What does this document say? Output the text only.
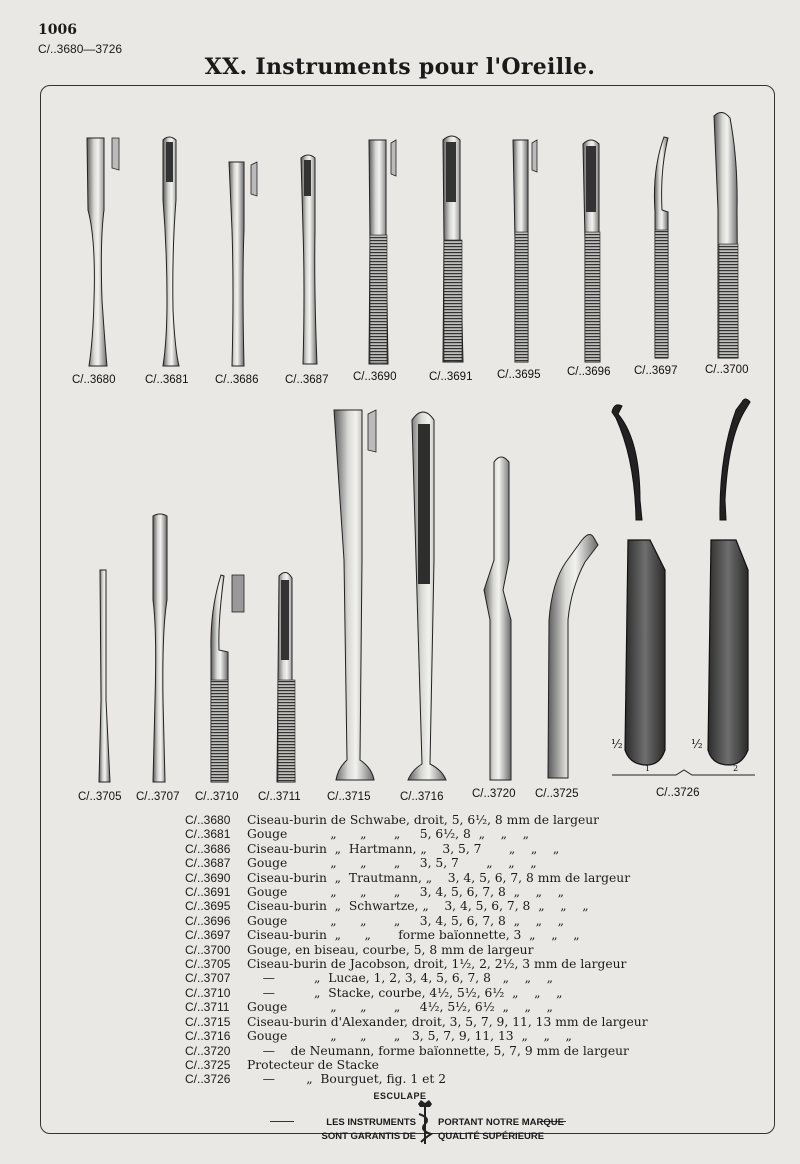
1006
C/..3680—3726
XX. Instruments pour l'Oreille.
C/..3680	C/..3681 C/..3686 C/..3687 C/..3690	C/..3691 C/..3695 C/..3696 C/..3697 C/..3700
C/..3705 C/..3707 C/..3710 C/..3711 C/..3715	C/..3716 C/..3720 C/..3725	C/..3726
½	½
1	2
C/..3680 Ciseau-burin de Schwabe, droit, 5, 6½, 8 mm de largeur
C/..3681 Gouge           „      „       „     5, 6½, 8  „    „    „
C/..3686 Ciseau-burin  „  Hartmann, „    3, 5, 7       „    „    „
C/..3687 Gouge           „      „       „     3, 5, 7       „    „    „
C/..3690 Ciseau-burin  „  Trautmann, „    3, 4, 5, 6, 7, 8 mm de largeur
C/..3691 Gouge           „      „       „     3, 4, 5, 6, 7, 8  „    „    „
C/..3695 Ciseau-burin  „  Schwartze, „    3, 4, 5, 6, 7, 8  „    „    „
C/..3696 Gouge           „      „       „     3, 4, 5, 6, 7, 8  „    „    „
C/..3697 Ciseau-burin  „      „       forme baïonnette, 3  „    „    „
C/..3700 Gouge, en biseau, courbe, 5, 8 mm de largeur
C/..3705 Ciseau-burin de Jacobson, droit, 1½, 2, 2½, 3 mm de largeur
C/..3707    —          „  Lucae, 1, 2, 3, 4, 5, 6, 7, 8   „    „    „
C/..3710    —          „  Stacke, courbe, 4½, 5½, 6½  „    „    „
C/..3711 Gouge           „      „       „     4½, 5½, 6½  „    „    „
C/..3715 Ciseau-burin d'Alexander, droit, 3, 5, 7, 9, 11, 13 mm de largeur
C/..3716 Gouge           „      „       „   3, 5, 7, 9, 11, 13  „    „    „
C/..3720    —    de Neumann, forme baïonnette, 5, 7, 9 mm de largeur
C/..3725 Protecteur de Stacke
C/..3726    —        „  Bourguet, fig. 1 et 2
ESCULAPE
LES INSTRUMENTS
SONT GARANTIS DE
PORTANT NOTRE MARQUE
QUALITÉ SUPÉRIEURE
